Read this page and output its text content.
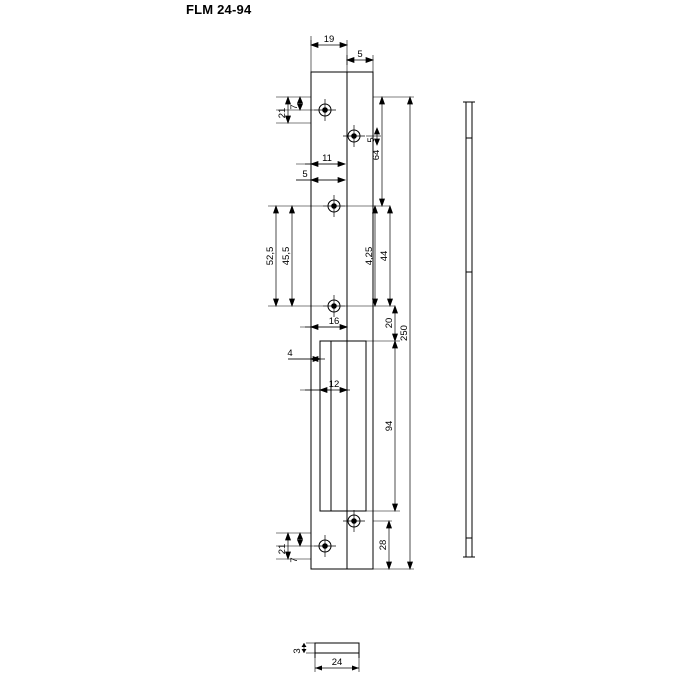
FLM 24-94
19
5
21
7
5
64
11
5
52,5 45,5	4,25 44
16	20
250
4
12
94
28
21
7
3
24
